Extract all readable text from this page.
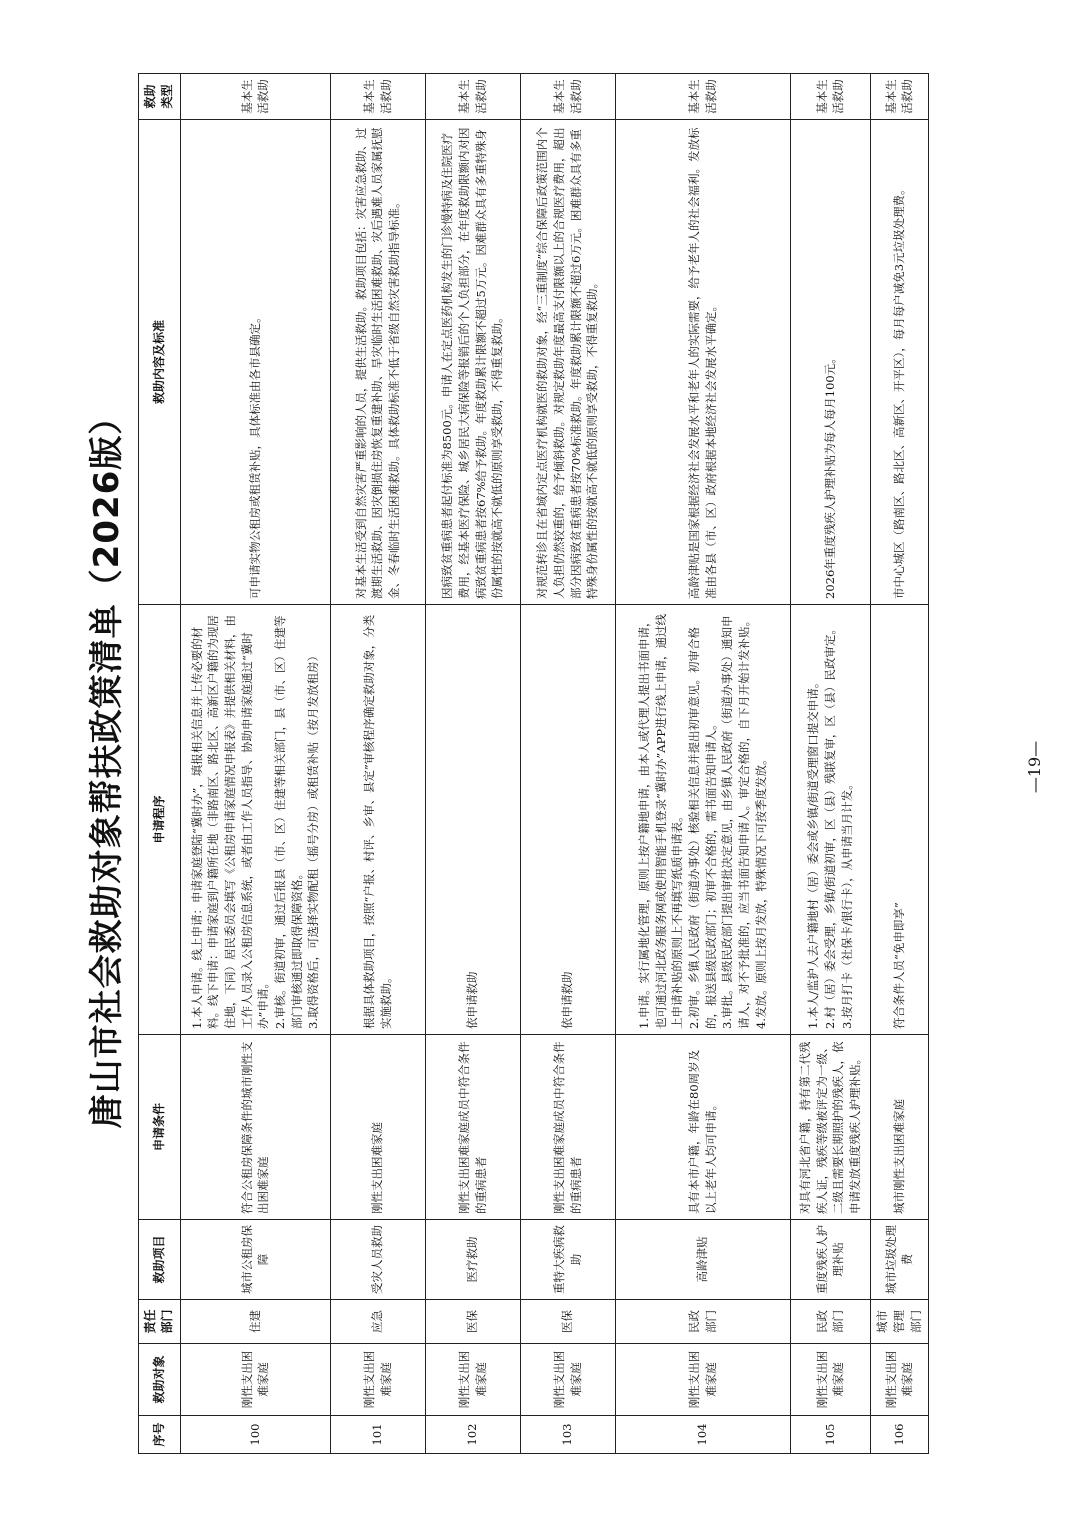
唐山市社会救助对象帮扶政策清单（2026版）
序号	救助对象	责任部门	救助项目	申请条件	申请程序	救助内容及标准	救助类型
100	刚性支出困难家庭	住建	城市公租房保障	符合公租房保障条件的城市刚性支出困难家庭	1.本人申请。线上申请：申请家庭登陆“冀时办”，填报相关信息并上传必要的材料。线下申请：申请家庭到户籍所在地（非路南区、路北区、高新区户籍的为现居住地，下同）居民委员会填写《公租房申请家庭情况申报表》并提供相关材料，由工作人员录入公租房信息系统，或者由工作人员指导、协助申请家庭通过“冀时办”申请。 2.审核。街道初审，通过后报县（市、区）住建等相关部门，县（市、区）住建等部门审核通过即取得保障资格。 3.取得资格后，可选择实物配租（摇号分房）或租赁补贴（按月发放租房）	可申请实物公租房或租赁补贴，具体标准由各市县确定。	基本生活救助
101	刚性支出困难家庭	应急	受灾人员救助	刚性支出困难家庭	根据具体救助项目，按照“户报、村评、乡审、县定”审核程序确定救助对象，分类实施救助。	对基本生活受到自然灾害严重影响的人员，提供生活救助。救助项目包括：灾害应急救助、过渡期生活救助、因灾倒损住房恢复重建补助、旱灾临时生活困难救助、灾后遇难人员家属抚慰金、冬春临时生活困难救助。具体救助标准不低于省级自然灾害救助指导标准。	基本生活救助
102	刚性支出困难家庭	医保	医疗救助	刚性支出困难家庭成员中符合条件的重病患者	依申请救助	因病致贫重病患者起付标准为8500元。申请人在定点医药机构发生的门诊慢特病及住院医疗费用，经基本医疗保险、城乡居民大病保险等报销后的个人负担部分，在年度救助限额内对因病致贫重病患者按67%给予救助。年度救助累计限额不超过5万元。因难群众具有多重特殊身份属性的按就高不就低的原则享受救助，不得重复救助。	基本生活救助
103	刚性支出困难家庭	医保	重特大疾病救助	刚性支出困难家庭成员中符合条件的重病患者	依申请救助	对规范转诊且在省域内定点医疗机构就医的救助对象，经“三重制度”综合保障后政策范围内个人负担仍然较重的，给予倾斜救助。对规定救助年度最高支付限额以上的合规医疗费用，超出部分因病致贫重病患者按70%标准救助。年度救助累计限额不超过6万元。困难群众具有多重特殊身份属性的按就高不就低的原则享受救助，不得重复救助。	基本生活救助
104	刚性支出困难家庭	民政部门	高龄津贴	具有本市户籍，年龄在80周岁及以上老年人均可申请。	1.申请。实行属地化管理，原则上按户籍地申请，由本人或代理人提出书面申请，也可通过河北政务服务网或使用智能手机登录“冀时办”APP进行线上申请，通过线上申请补贴的原则上不再填写纸质申请表。 2.初审。乡镇人民政府（街道办事处）核验相关信息并提出初审意见。初审合格的，报送县级民政部门；初审不合格的，需书面告知申请人。 3.审批。县级民政部门提出审批决定意见，由乡镇人民政府（街道办事处）通知申请人，对不予批准的，应当书面告知申请人。审定合格的，自下月开始计发补贴。 4.发放。原则上按月发放，特殊情况下可按季度发放。	高龄津贴是国家根据经济社会发展水平和老年人的实际需要，给予老年人的社会福利。发放标准由各县（市、区）政府根据本地经济社会发展水平确定。	基本生活救助
105	刚性支出困难家庭	民政部门	重度残疾人护理补贴	对具有河北省户籍，持有第二代残疾人证，残疾等级被评定为一级、二级且需要长期照护的残疾人，依申请发放重度残疾人护理补贴。	1.本人/监护人去户籍地村（居）委会或乡镇/街道受理窗口提交申请。 2.村（居）委会受理，乡镇/街道初审，区（县）残联复审，区（县）民政审定。 3.按月打卡（社保卡/银行卡），从申请当月计发。	2026年重度残疾人护理补贴为每人每月100元。	基本生活救助
106	刚性支出困难家庭	城市管理部门	城市垃圾处理费	城市刚性支出困难家庭	符合条件人员“免申即享”	市中心城区（路南区、路北区、高新区、开平区），每月每户减免3元垃圾处理费。	基本生活救助
—19—
